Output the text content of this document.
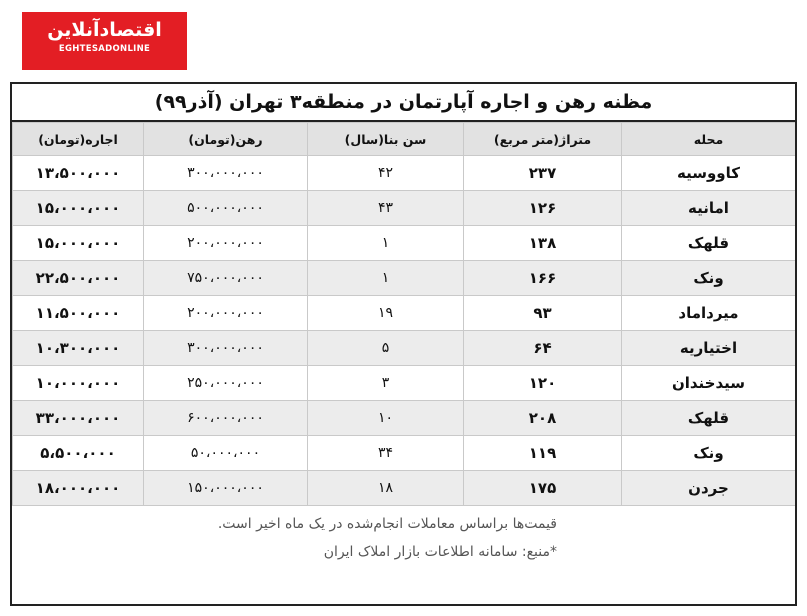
اقتصادآنلاین
EGHTESADONLINE
مظنه رهن و اجاره آپارتمان در منطقه۳ تهران (آذر۹۹)
محله	متراژ(متر مربع)	سن بنا(سال)	رهن(تومان)	اجاره(تومان)
کاووسیه	۲۳۷	۴۲	۳۰۰،۰۰۰،۰۰۰	۱۳،۵۰۰،۰۰۰
امانیه	۱۲۶	۴۳	۵۰۰،۰۰۰،۰۰۰	۱۵،۰۰۰،۰۰۰
قلهک	۱۳۸	۱	۲۰۰،۰۰۰،۰۰۰	۱۵،۰۰۰،۰۰۰
ونک	۱۶۶	۱	۷۵۰،۰۰۰،۰۰۰	۲۲،۵۰۰،۰۰۰
میرداماد	۹۳	۱۹	۲۰۰،۰۰۰،۰۰۰	۱۱،۵۰۰،۰۰۰
اختیاریه	۶۴	۵	۳۰۰،۰۰۰،۰۰۰	۱۰،۳۰۰،۰۰۰
سیدخندان	۱۲۰	۳	۲۵۰،۰۰۰،۰۰۰	۱۰،۰۰۰،۰۰۰
قلهک	۲۰۸	۱۰	۶۰۰،۰۰۰،۰۰۰	۳۳،۰۰۰،۰۰۰
ونک	۱۱۹	۳۴	۵۰،۰۰۰،۰۰۰	۵،۵۰۰،۰۰۰
جردن	۱۷۵	۱۸	۱۵۰،۰۰۰،۰۰۰	۱۸،۰۰۰،۰۰۰
قیمت‌ها براساس معاملات انجام‌شده در یک ماه اخیر است.
*منبع: سامانه اطلاعات بازار املاک ایران
